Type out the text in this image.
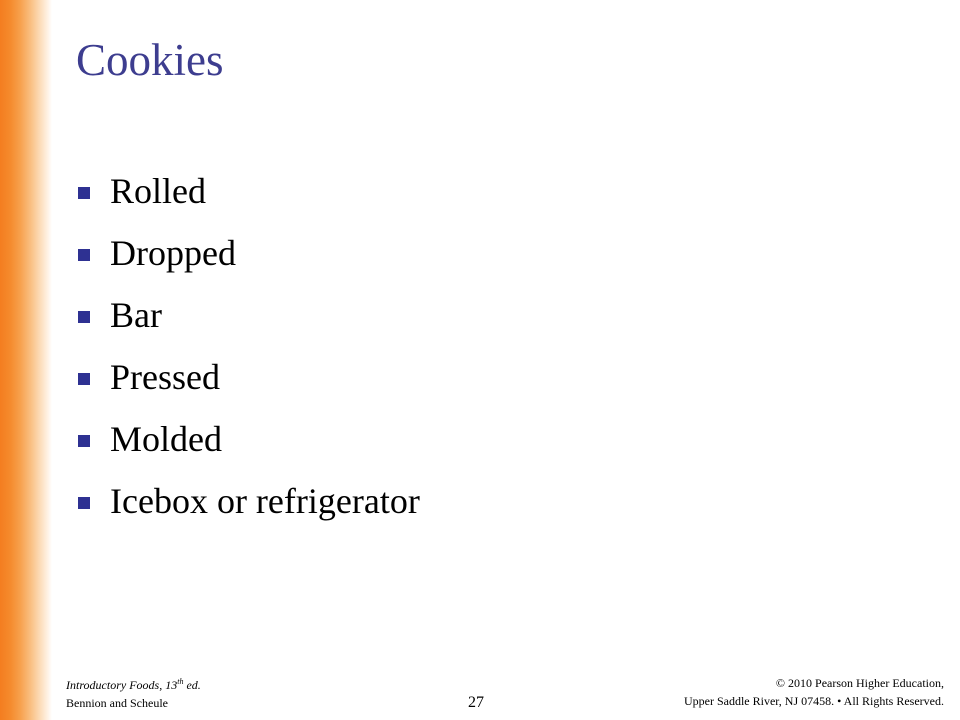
Cookies
Rolled
Dropped
Bar
Pressed
Molded
Icebox or refrigerator
Introductory Foods, 13th ed.
Bennion and Scheule	27
© 2010 Pearson Higher Education,
Upper Saddle River, NJ 07458. • All Rights Reserved.
